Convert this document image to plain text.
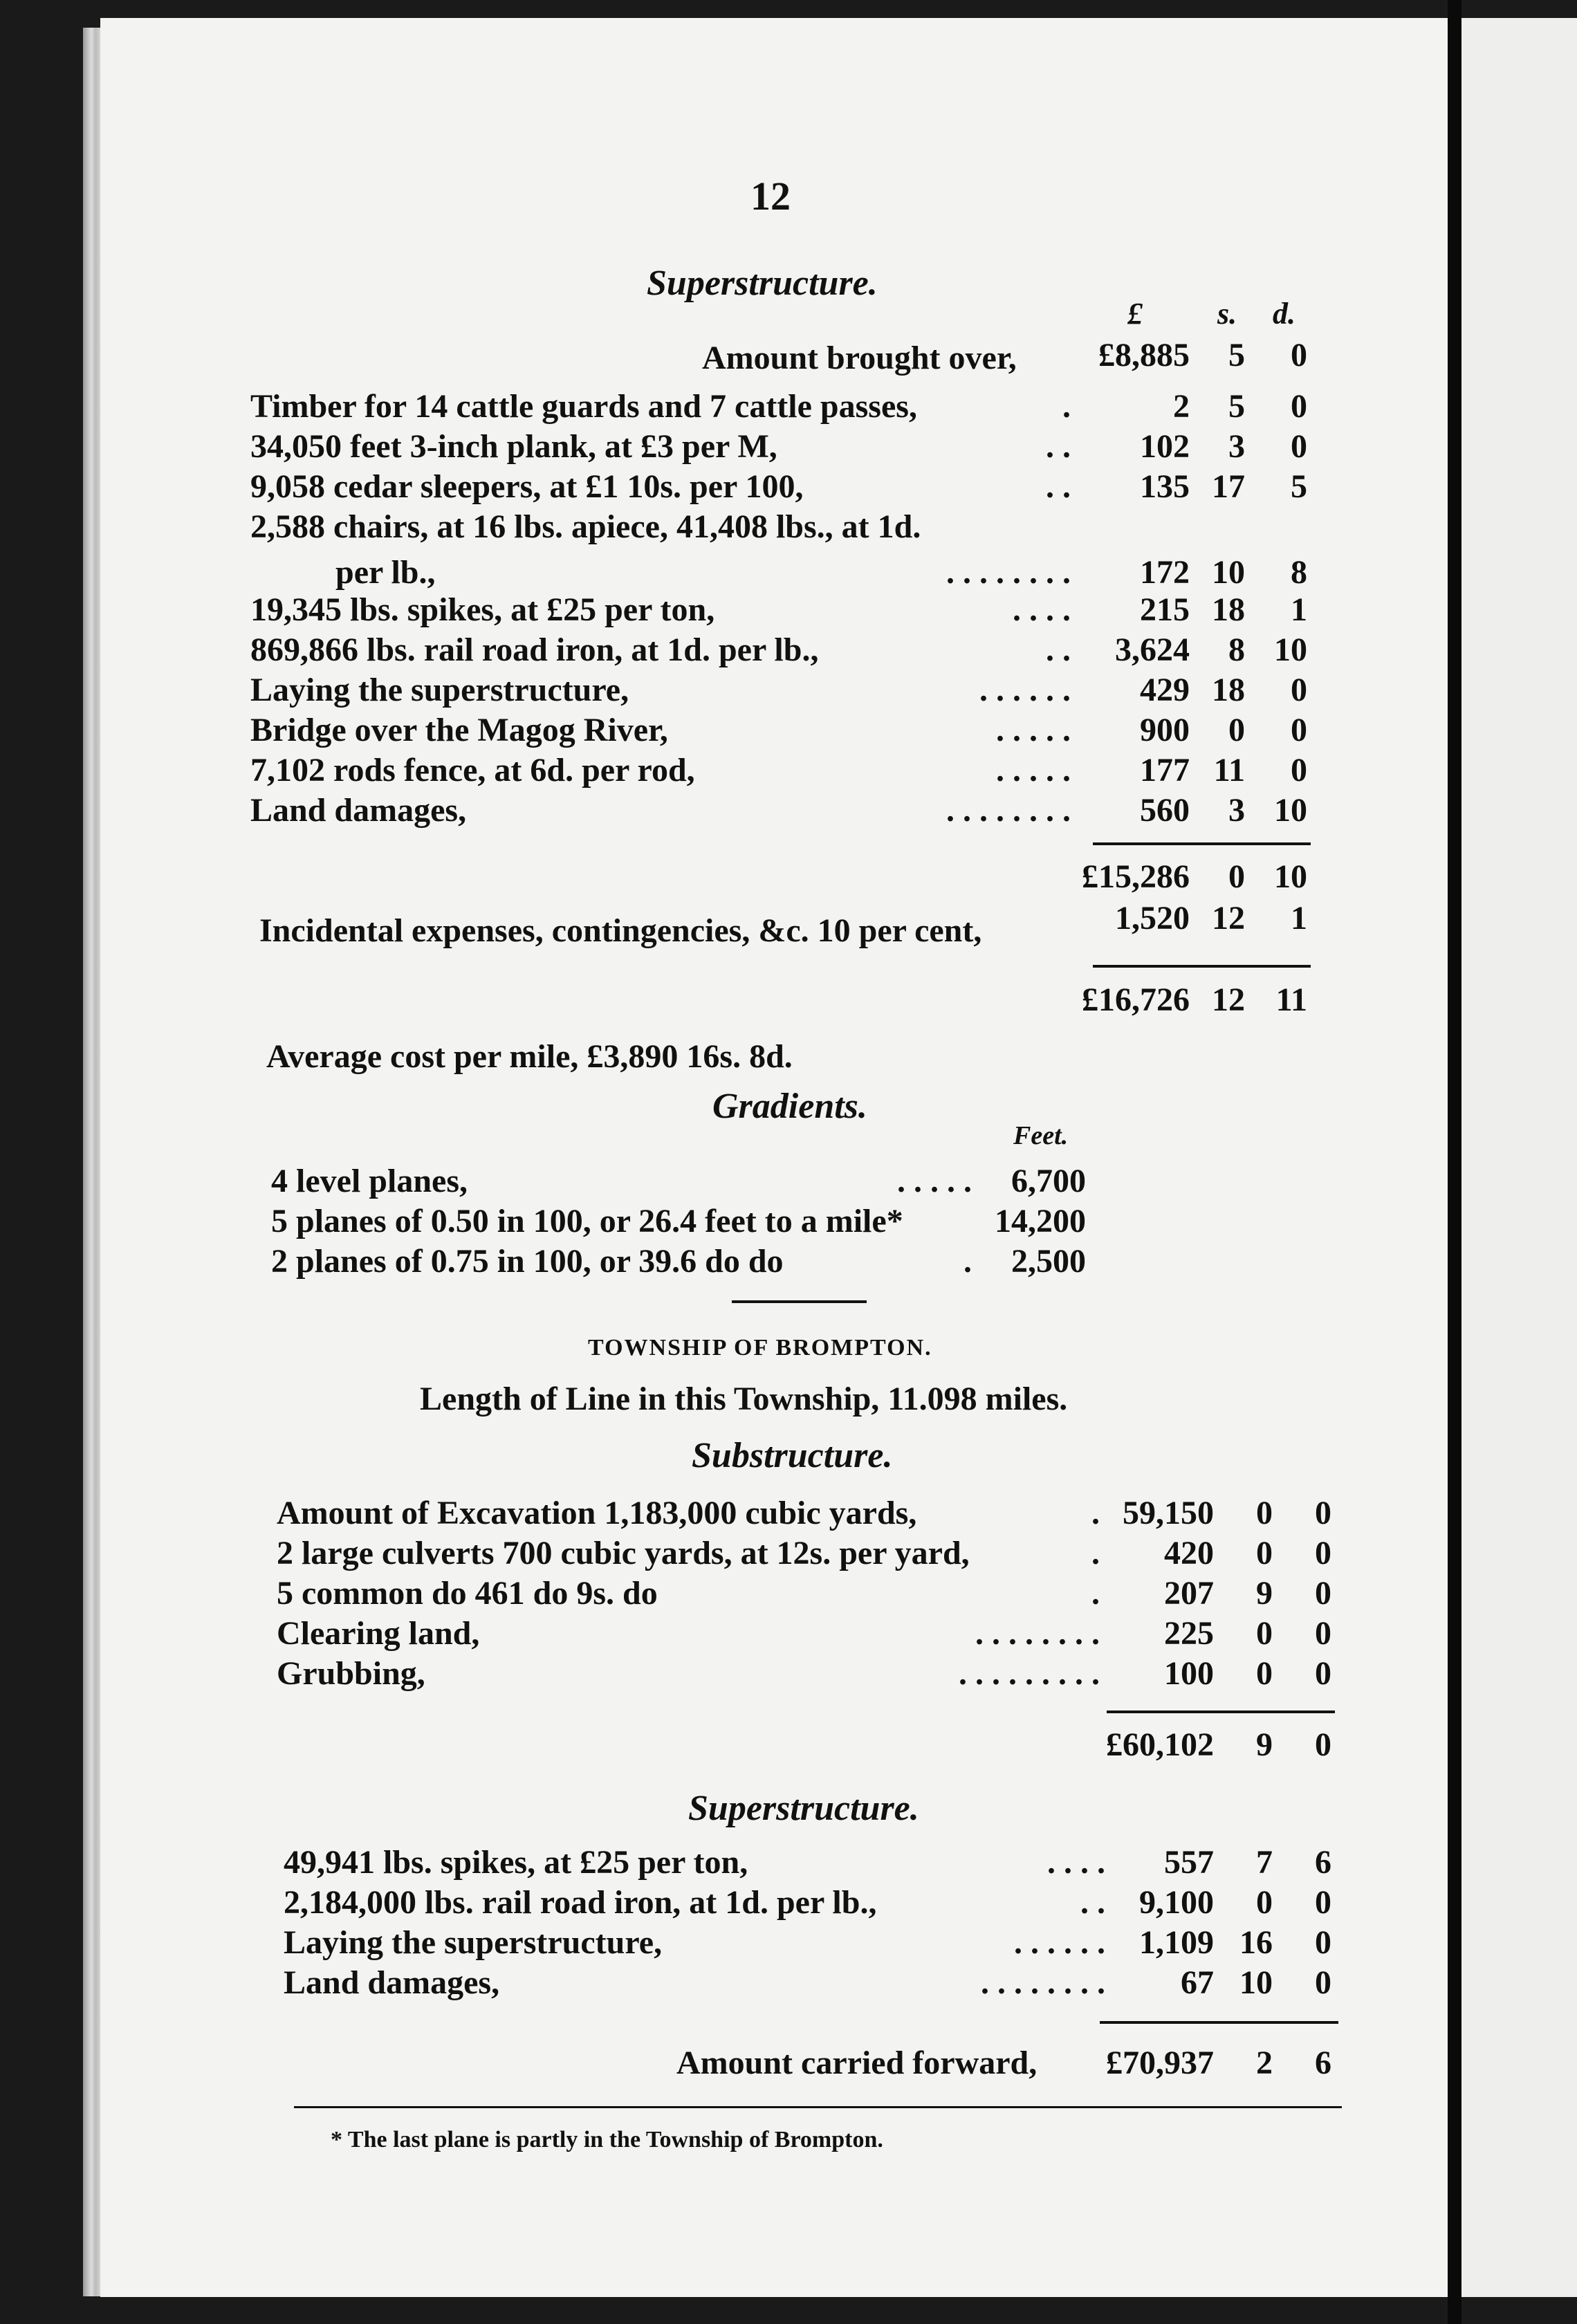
12
Superstructure.
£ s. d.
Amount brought over,	£8,885	5	0
Timber for 14 cattle guards and 7 cattle passes,	.	2	5	0
34,050 feet 3-inch plank, at £3 per M,	. .	102	3	0
9,058 cedar sleepers, at £1 10s. per 100,	. .	135 17	5
2,588 chairs, at 16 lbs. apiece, 41,408 lbs., at 1d.
per lb.,	. . . . . . . .	172 10	8
19,345 lbs. spikes, at £25 per ton,	. . . .	215 18	1
869,866 lbs. rail road iron, at 1d. per lb.,	. .	3,624	8 10
Laying the superstructure,	. . . . . .	429 18	0
Bridge over the Magog River,	. . . . .	900	0	0
7,102 rods fence, at 6d. per rod,	. . . . .	177 11	0
Land damages,	. . . . . . . .	560	3 10
£15,286	0 10
Incidental expenses, contingencies, &c. 10 per cent,	1,520 12	1
£16,726 12 11
Average cost per mile, £3,890 16s. 8d.
Gradients.
Feet.
4 level planes,	. . . . .	6,700
5 planes of 0.50 in 100, or 26.4 feet to a mile*	14,200
2 planes of 0.75 in 100, or 39.6 do do	.	2,500
TOWNSHIP OF BROMPTON.
Length of Line in this Township, 11.098 miles.
Substructure.
Amount of Excavation 1,183,000 cubic yards,	. 59,150	0	0
2 large culverts 700 cubic yards, at 12s. per yard,	.	420	0	0
5 common do 461 do 9s. do	.	207	9	0
Clearing land,	. . . . . . . .	225	0	0
Grubbing,	. . . . . . . . .	100	0	0
£60,102	9	0
Superstructure.
49,941 lbs. spikes, at £25 per ton,	. . . .	557	7	6
2,184,000 lbs. rail road iron, at 1d. per lb.,	. .	9,100	0	0
Laying the superstructure,	. . . . . .	1,109 16	0
Land damages,	. . . . . . . .	67 10	0
Amount carried forward,	£70,937	2	6
* The last plane is partly in the Township of Brompton.
